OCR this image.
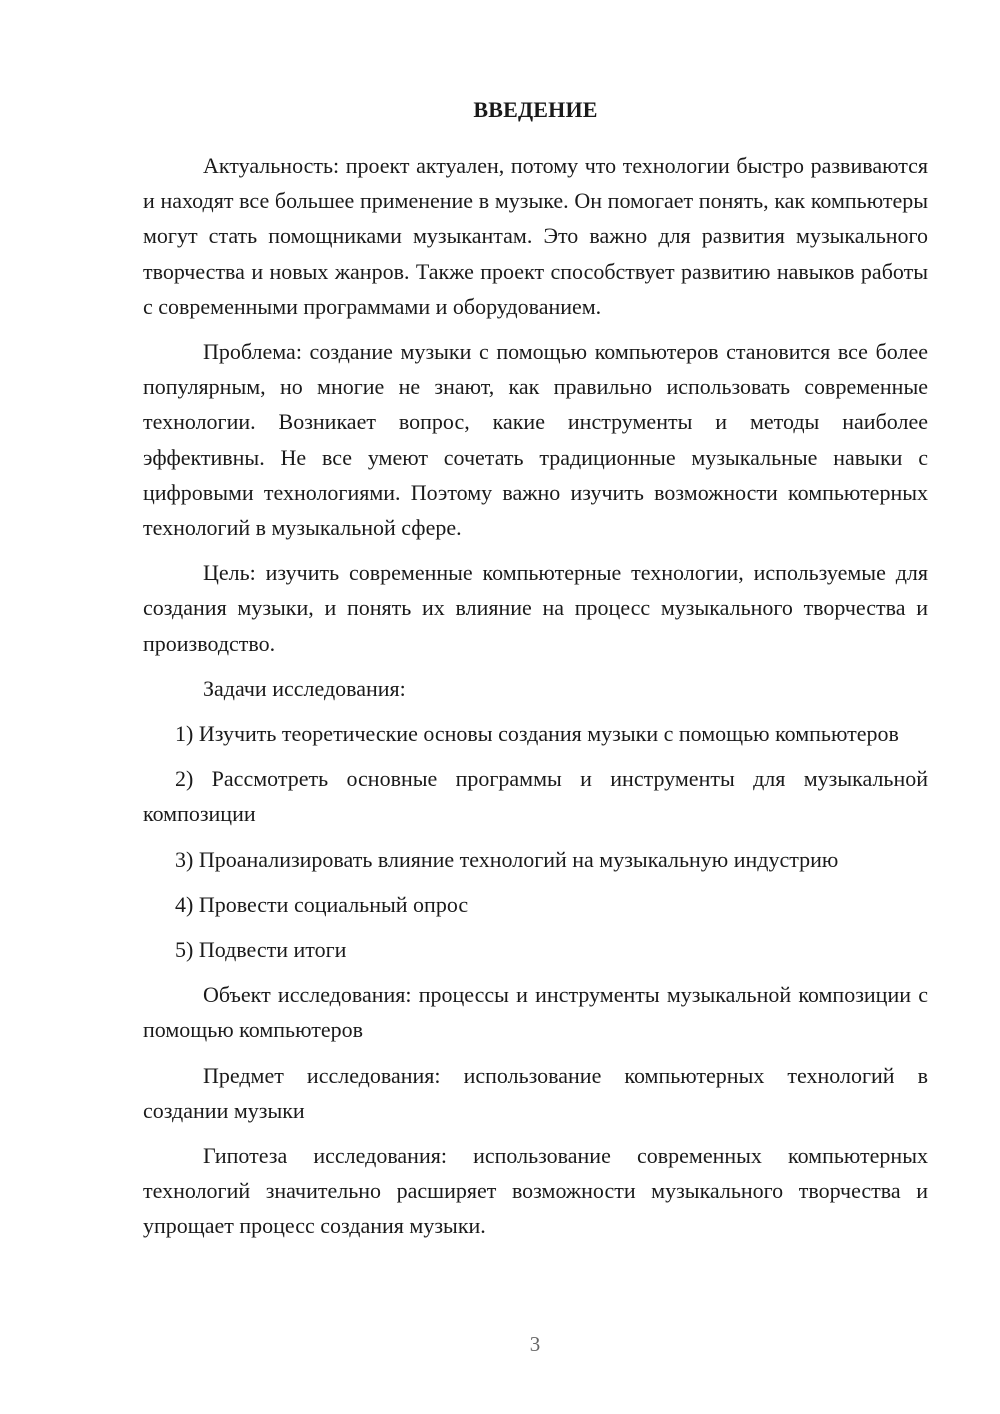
ВВЕДЕНИЕ

Актуальность: проект актуален, потому что технологии быстро развиваются и находят все большее применение в музыке. Он помогает понять, как компьютеры могут стать помощниками музыкантам. Это важно для развития музыкального творчества и новых жанров. Также проект способствует развитию навыков работы с современными программами и оборудованием.

Проблема: создание музыки с помощью компьютеров становится все более популярным, но многие не знают, как правильно использовать современные технологии. Возникает вопрос, какие инструменты и методы наиболее эффективны. Не все умеют сочетать традиционные музыкальные навыки с цифровыми технологиями. Поэтому важно изучить возможности компьютерных технологий в музыкальной сфере.

Цель: изучить современные компьютерные технологии, используемые для создания музыки, и понять их влияние на процесс музыкального творчества и производство.

Задачи исследования:

1) Изучить теоретические основы создания музыки с помощью компьютеров

2) Рассмотреть основные программы и инструменты для музыкальной композиции

3) Проанализировать влияние технологий на музыкальную индустрию

4) Провести социальный опрос

5) Подвести итоги

Объект исследования: процессы и инструменты музыкальной композиции с помощью компьютеров

Предмет исследования: использование компьютерных технологий в создании музыки

Гипотеза исследования: использование современных компьютерных технологий значительно расширяет возможности музыкального творчества и упрощает процесс создания музыки.

3
